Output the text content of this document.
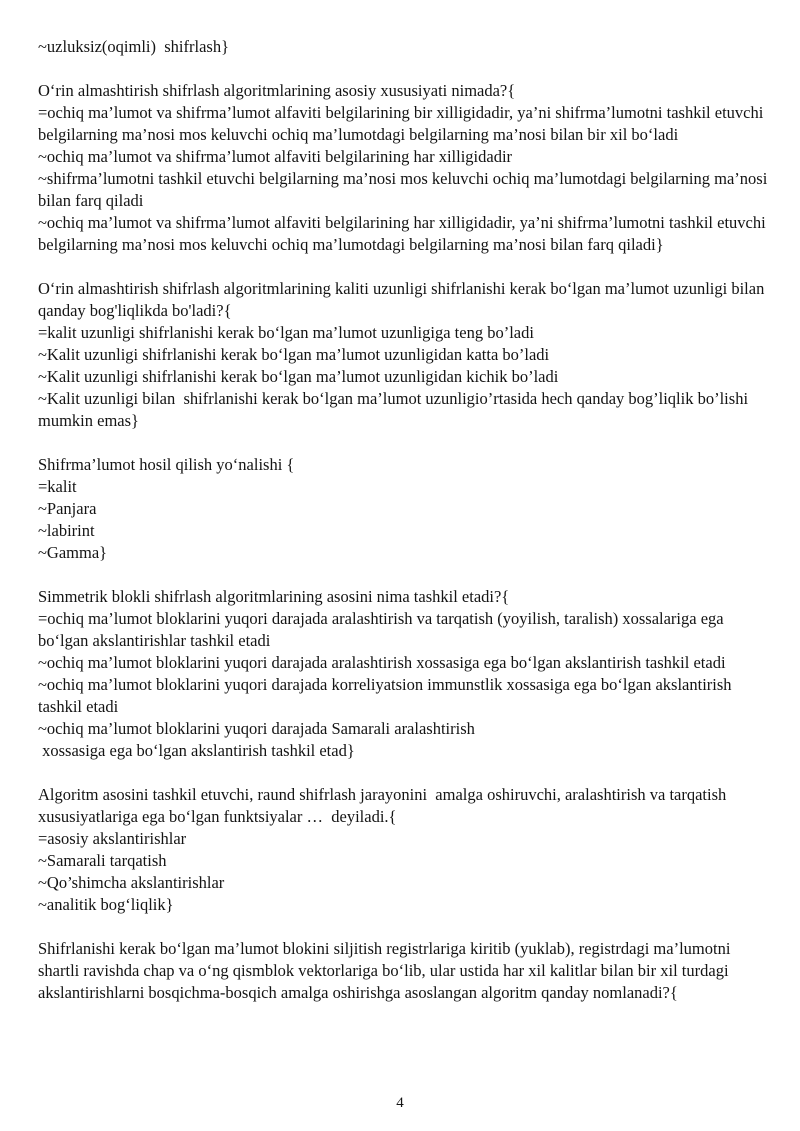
~uzluksiz(oqimli)  shifrlash}

O‘rin almashtirish shifrlash algoritmlarining asosiy xususiyati nimada?{

=ochiq ma’lumot va shifrma’lumot alfaviti belgilarining bir xilligidadir, ya’ni shifrma’lumotni tashkil etuvchi belgilarning ma’nosi mos keluvchi ochiq ma’lumotdagi belgilarning ma’nosi bilan bir xil bo‘ladi

~ochiq ma’lumot va shifrma’lumot alfaviti belgilarining har xilligidadir

~shifrma’lumotni tashkil etuvchi belgilarning ma’nosi mos keluvchi ochiq ma’lumotdagi belgilarning ma’nosi bilan farq qiladi

~ochiq ma’lumot va shifrma’lumot alfaviti belgilarining har xilligidadir, ya’ni shifrma’lumotni tashkil etuvchi belgilarning ma’nosi mos keluvchi ochiq ma’lumotdagi belgilarning ma’nosi bilan farq qiladi}

O‘rin almashtirish shifrlash algoritmlarining kaliti uzunligi shifrlanishi kerak bo‘lgan ma’lumot uzunligi bilan qanday bog'liqlikda bo'ladi?{

=kalit uzunligi shifrlanishi kerak bo‘lgan ma’lumot uzunligiga teng bo’ladi

~Kalit uzunligi shifrlanishi kerak bo‘lgan ma’lumot uzunligidan katta bo’ladi

~Kalit uzunligi shifrlanishi kerak bo‘lgan ma’lumot uzunligidan kichik bo’ladi

~Kalit uzunligi bilan  shifrlanishi kerak bo‘lgan ma’lumot uzunligio’rtasida hech qanday bog’liqlik bo’lishi mumkin emas}

Shifrma’lumot hosil qilish yo‘nalishi {

=kalit

~Panjara

~labirint

~Gamma}

Simmetrik blokli shifrlash algoritmlarining asosini nima tashkil etadi?{

=ochiq ma’lumot bloklarini yuqori darajada aralashtirish va tarqatish (yoyilish, taralish) xossalariga ega bo‘lgan akslantirishlar tashkil etadi

~ochiq ma’lumot bloklarini yuqori darajada aralashtirish xossasiga ega bo‘lgan akslantirish tashkil etadi

~ochiq ma’lumot bloklarini yuqori darajada korreliyatsion immunstlik xossasiga ega bo‘lgan akslantirish tashkil etadi

~ochiq ma’lumot bloklarini yuqori darajada Samarali aralashtirish

xossasiga ega bo‘lgan akslantirish tashkil etad}

Algoritm asosini tashkil etuvchi, raund shifrlash jarayonini  amalga oshiruvchi, aralashtirish va tarqatish xususiyatlariga ega bo‘lgan funktsiyalar …  deyiladi.{

=asosiy akslantirishlar

~Samarali tarqatish

~Qo’shimcha akslantirishlar

~analitik bog‘liqlik}

Shifrlanishi kerak bo‘lgan ma’lumot blokini siljitish registrlariga kiritib (yuklab), registrdagi ma’lumotni shartli ravishda chap va o‘ng qismblok vektorlariga bo‘lib, ular ustida har xil kalitlar bilan bir xil turdagi akslantirishlarni bosqichma-bosqich amalga oshirishga asoslangan algoritm qanday nomlanadi?{

4
